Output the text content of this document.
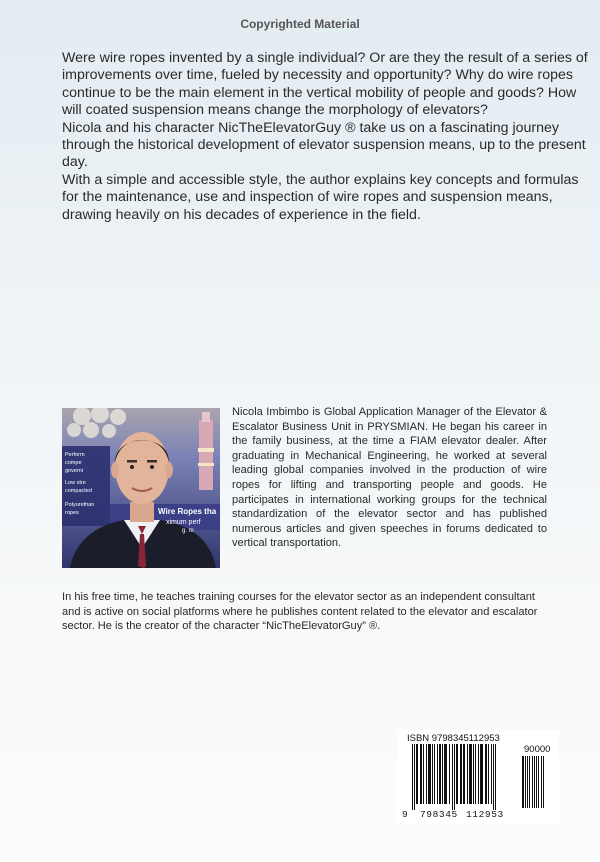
Copyrighted Material

Were wire ropes invented by a single individual? Or are they the result of a series of improvements over time, fueled by necessity and opportunity? Why do wire ropes continue to be the main element in the vertical mobility of people and goods? How will coated suspension means change the morphology of elevators?

Nicola and his character NicTheElevatorGuy ® take us on a fascinating journey through the historical development of elevator suspension means, up to the present day.

With a simple and accessible style, the author explains key concepts and formulas for the maintenance, use and inspection of wire ropes and suspension means, drawing heavily on his decades of experience in the field.

Perform
compe
governi
Low stre
compacted
Polyurethan
ropes	Wire Ropes tha
ximum perf
g. m
Nicola Imbimbo is Global Application Manager of the Elevator & Escalator Business Unit in PRYSMIAN. He began his career in the family business, at the time a FIAM elevator dealer. After graduating in Mechanical Engineering, he worked at several leading global companies involved in the production of wire ropes for lifting and transporting people and goods. He participates in international working groups for the technical standardization of the elevator sector and has published numerous articles and given speeches in forums dedicated to vertical transportation.
In his free time, he teaches training courses for the elevator sector as an independent consultant and is active on social platforms where he publishes content related to the elevator and escalator sector. He is the creator of the character “NicTheElevatorGuy” ®.
ISBN 9798345112953
90000
9 798345 112953
